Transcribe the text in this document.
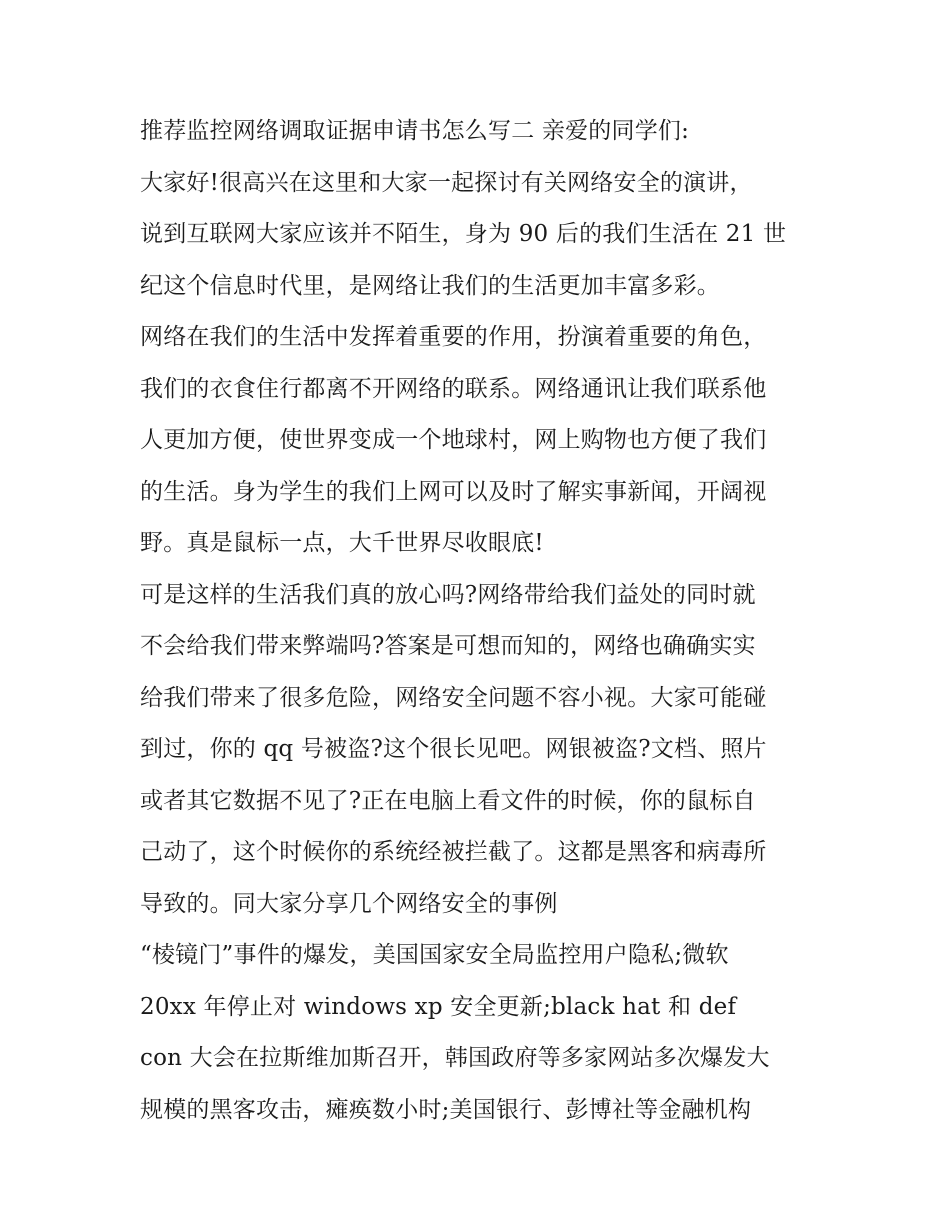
推荐监控网络调取证据申请书怎么写二 亲爱的同学们:
大家好!很高兴在这里和大家一起探讨有关网络安全的演讲，
说到互联网大家应该并不陌生，身为 90 后的我们生活在 21 世
纪这个信息时代里，是网络让我们的生活更加丰富多彩。
网络在我们的生活中发挥着重要的作用，扮演着重要的角色，
我们的衣食住行都离不开网络的联系。网络通讯让我们联系他
人更加方便，使世界变成一个地球村，网上购物也方便了我们
的生活。身为学生的我们上网可以及时了解实事新闻，开阔视
野。真是鼠标一点，大千世界尽收眼底!
可是这样的生活我们真的放心吗?网络带给我们益处的同时就
不会给我们带来弊端吗?答案是可想而知的，网络也确确实实
给我们带来了很多危险，网络安全问题不容小视。大家可能碰
到过，你的 qq 号被盗?这个很长见吧。网银被盗?文档、照片
或者其它数据不见了?正在电脑上看文件的时候，你的鼠标自
己动了，这个时候你的系统经被拦截了。这都是黑客和病毒所
导致的。同大家分享几个网络安全的事例
“棱镜门”事件的爆发，美国国家安全局监控用户隐私;微软
20xx 年停止对 windows xp 安全更新;black hat 和 def
con 大会在拉斯维加斯召开，韩国政府等多家网站多次爆发大
规模的黑客攻击，瘫痪数小时;美国银行、彭博社等金融机构
